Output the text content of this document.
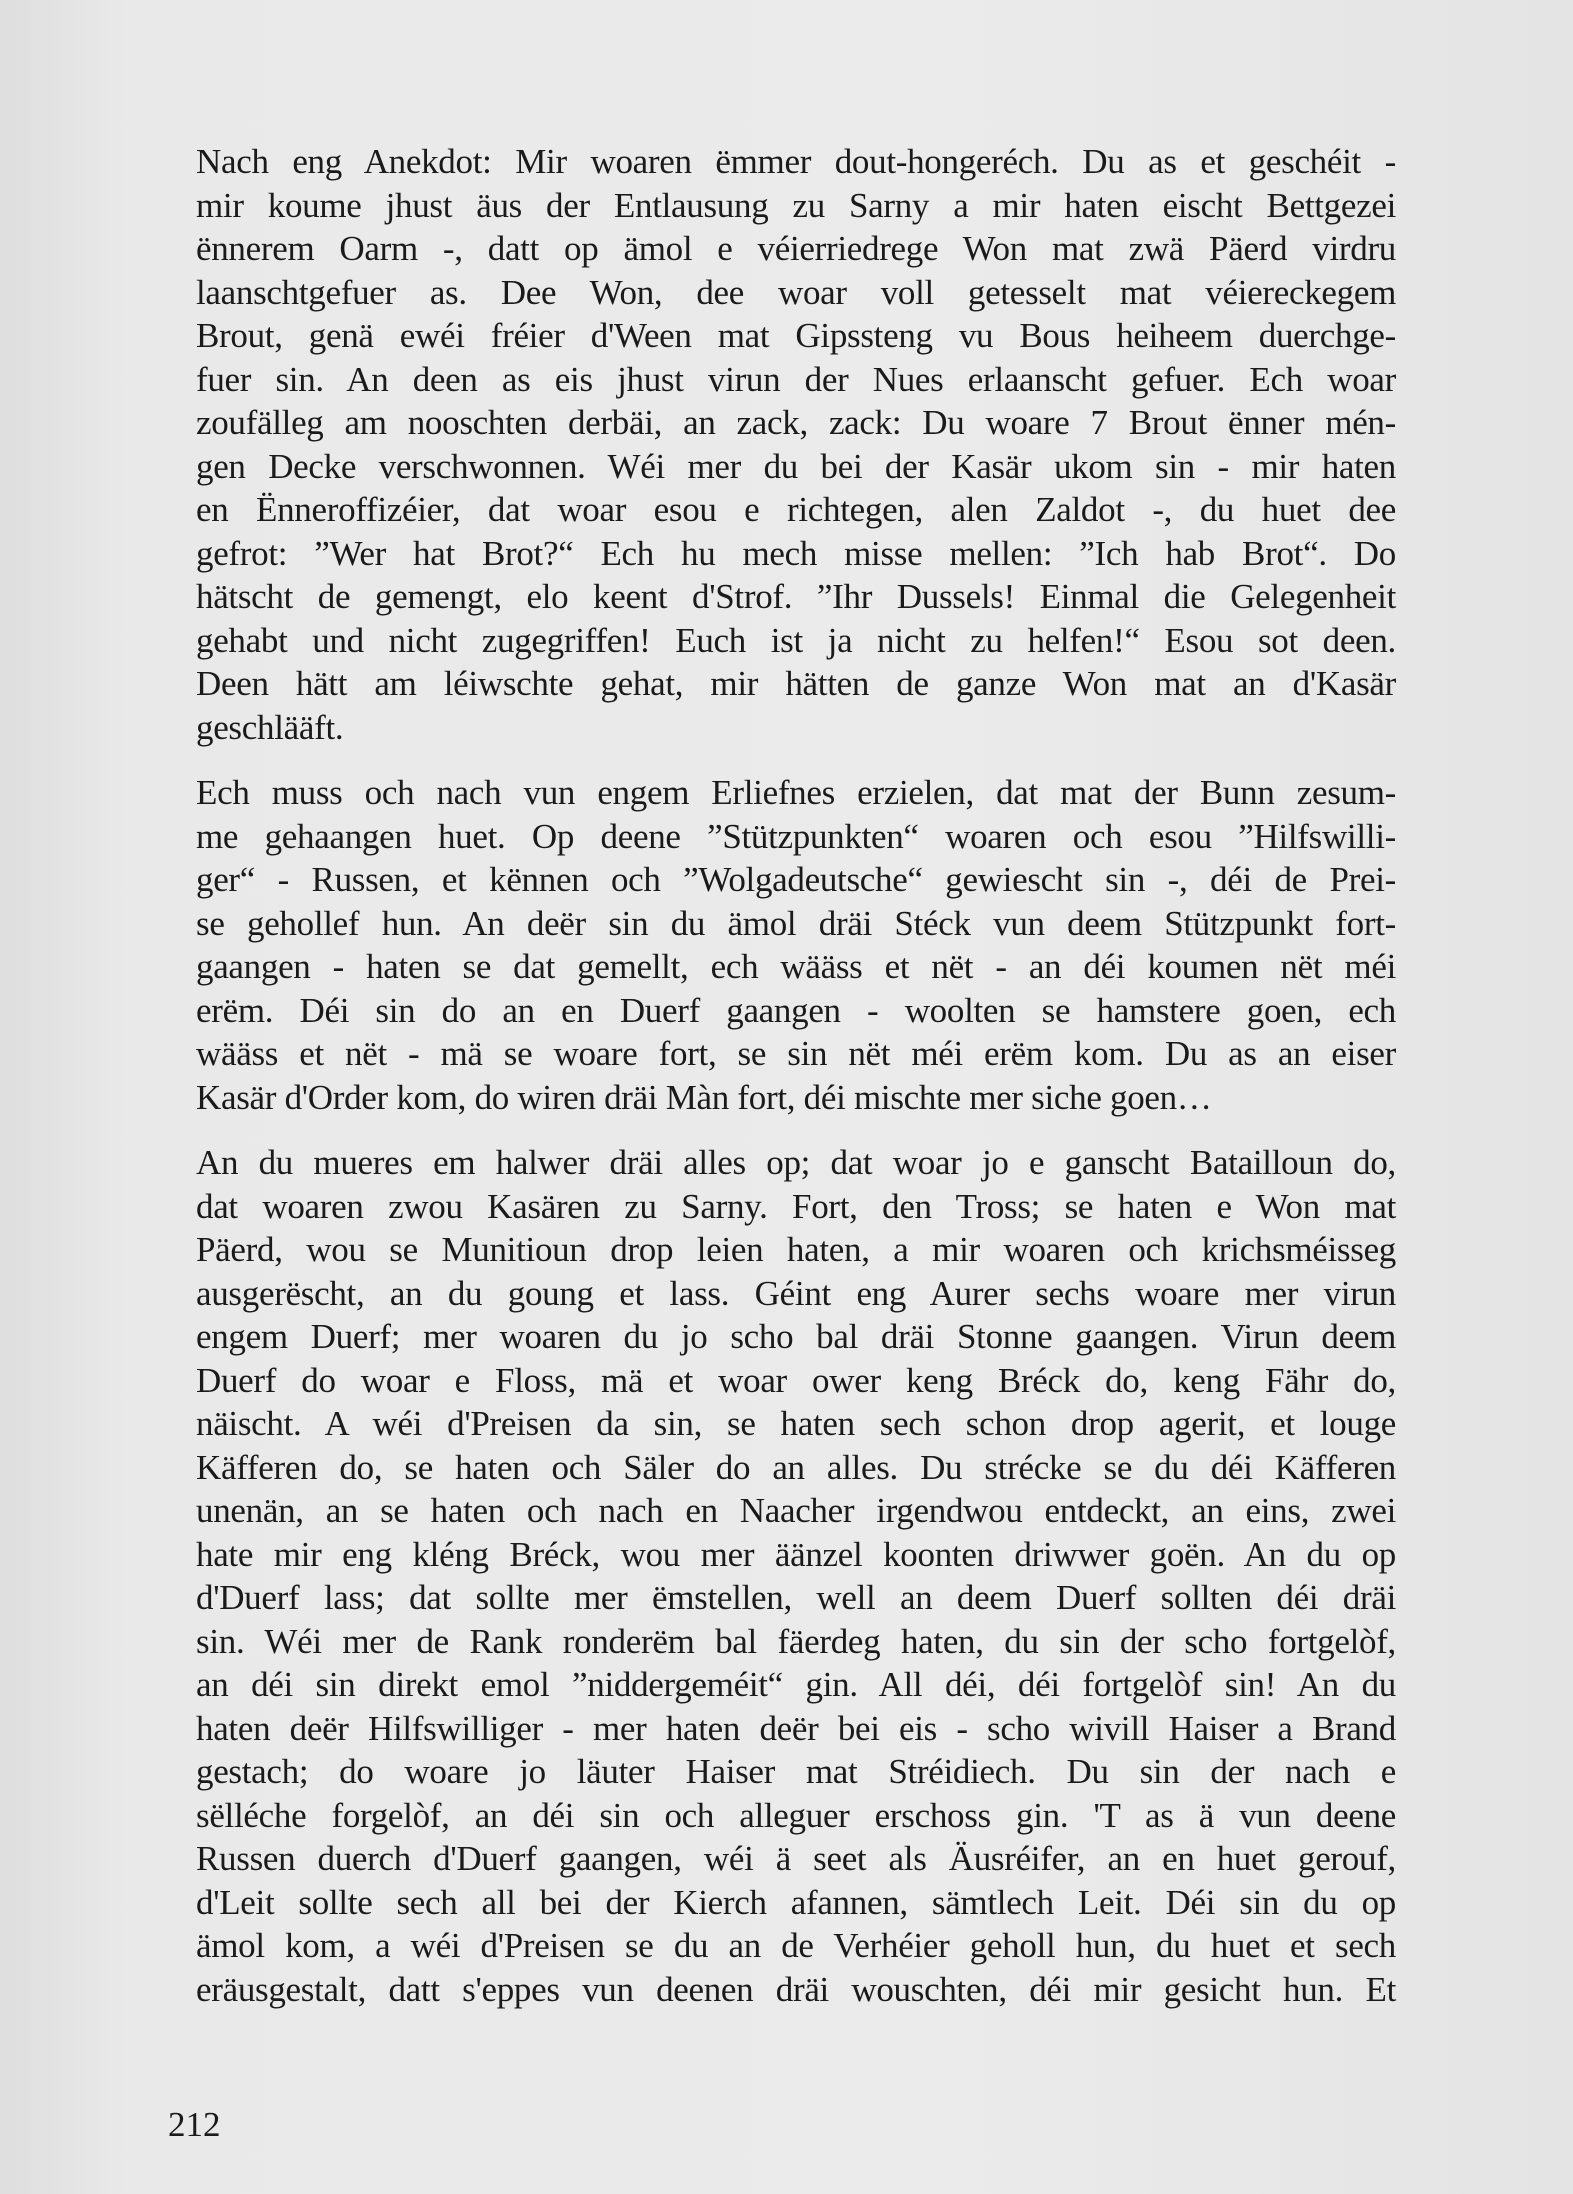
Nach eng Anekdot: Mir woaren ëmmer dout-hongeréch. Du as et geschéit -
mir koume jhust äus der Entlausung zu Sarny a mir haten eischt Bettgezei
ënnerem Oarm -, datt op ämol e véierriedrege Won mat zwä Päerd virdru
laanschtgefuer as. Dee Won, dee woar voll getesselt mat véiereckegem
Brout, genä ewéi fréier d'Ween mat Gipssteng vu Bous heiheem duerchge-
fuer sin. An deen as eis jhust virun der Nues erlaanscht gefuer. Ech woar
zoufälleg am nooschten derbäi, an zack, zack: Du woare 7 Brout ënner mén-
gen Decke verschwonnen. Wéi mer du bei der Kasär ukom sin - mir haten
en Ënneroffizéier, dat woar esou e richtegen, alen Zaldot -, du huet dee
gefrot: ”Wer hat Brot?“ Ech hu mech misse mellen: ”Ich hab Brot“. Do
hätscht de gemengt, elo keent d'Strof. ”Ihr Dussels! Einmal die Gelegenheit
gehabt und nicht zugegriffen! Euch ist ja nicht zu helfen!“ Esou sot deen.
Deen hätt am léiwschte gehat, mir hätten de ganze Won mat an d'Kasär
geschlääft.
Ech muss och nach vun engem Erliefnes erzielen, dat mat der Bunn zesum-
me gehaangen huet. Op deene ”Stützpunkten“ woaren och esou ”Hilfswilli-
ger“ - Russen, et kënnen och ”Wolgadeutsche“ gewiescht sin -, déi de Prei-
se gehollef hun. An deër sin du ämol dräi Stéck vun deem Stützpunkt fort-
gaangen - haten se dat gemellt, ech wääss et nët - an déi koumen nët méi
erëm. Déi sin do an en Duerf gaangen - woolten se hamstere goen, ech
wääss et nët - mä se woare fort, se sin nët méi erëm kom. Du as an eiser
Kasär d'Order kom, do wiren dräi Màn fort, déi mischte mer siche goen…
An du mueres em halwer dräi alles op; dat woar jo e ganscht Batailloun do,
dat woaren zwou Kasären zu Sarny. Fort, den Tross; se haten e Won mat
Päerd, wou se Munitioun drop leien haten, a mir woaren och krichsméisseg
ausgerëscht, an du goung et lass. Géint eng Aurer sechs woare mer virun
engem Duerf; mer woaren du jo scho bal dräi Stonne gaangen. Virun deem
Duerf do woar e Floss, mä et woar ower keng Bréck do, keng Fähr do,
näischt. A wéi d'Preisen da sin, se haten sech schon drop agerit, et louge
Käfferen do, se haten och Säler do an alles. Du strécke se du déi Käfferen
unenän, an se haten och nach en Naacher irgendwou entdeckt, an eins, zwei
hate mir eng kléng Bréck, wou mer äänzel koonten driwwer goën. An du op
d'Duerf lass; dat sollte mer ëmstellen, well an deem Duerf sollten déi dräi
sin. Wéi mer de Rank ronderëm bal fäerdeg haten, du sin der scho fortgelòf,
an déi sin direkt emol ”niddergeméit“ gin. All déi, déi fortgelòf sin! An du
haten deër Hilfswilliger - mer haten deër bei eis - scho wivill Haiser a Brand
gestach; do woare jo läuter Haiser mat Stréidiech. Du sin der nach e
sëlléche forgelòf, an déi sin och alleguer erschoss gin. 'T as ä vun deene
Russen duerch d'Duerf gaangen, wéi ä seet als Äusréifer, an en huet gerouf,
d'Leit sollte sech all bei der Kierch afannen, sämtlech Leit. Déi sin du op
ämol kom, a wéi d'Preisen se du an de Verhéier geholl hun, du huet et sech
eräusgestalt, datt s'eppes vun deenen dräi wouschten, déi mir gesicht hun. Et
212
